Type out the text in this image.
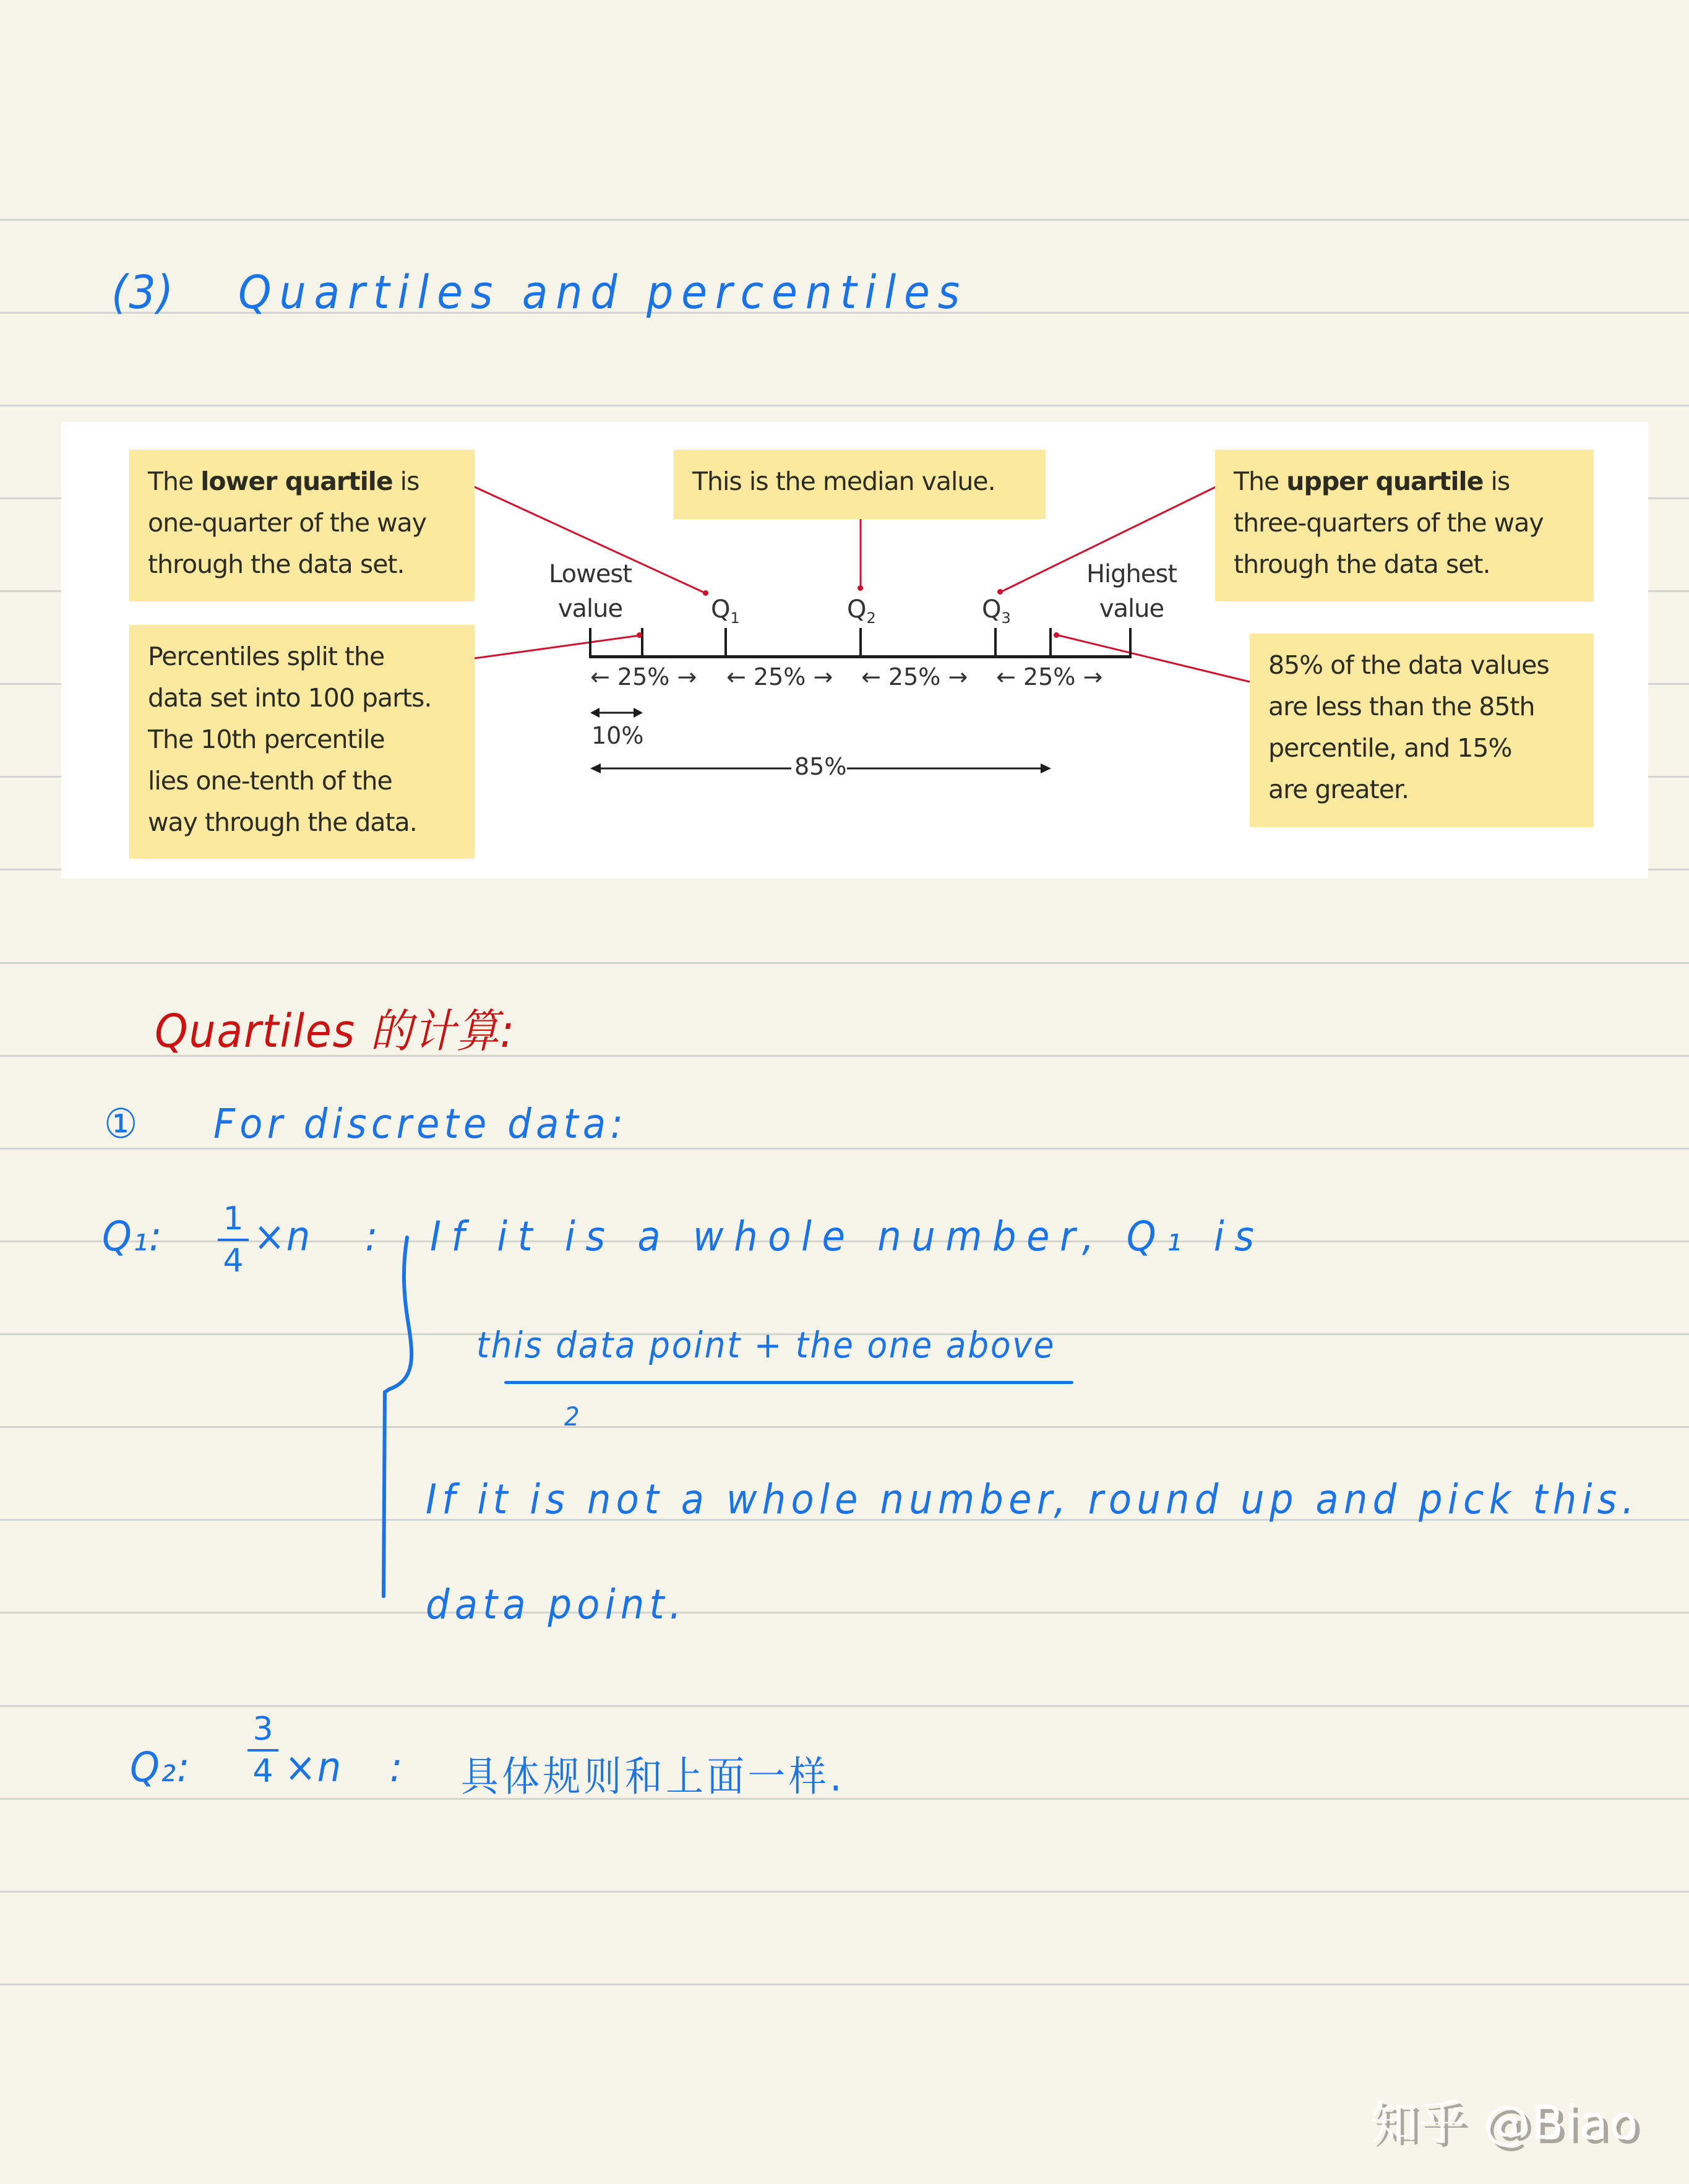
(3) Quartiles and percentiles
The lower quartile is
one-quarter of the way
through the data set.
Percentiles split the
data set into 100 parts.
The 10th percentile
lies one-tenth of the
way through the data.
This is the median value.	The upper quartile is
three-quarters of the way
through the data set.
85% of the data values
are less than the 85th
percentile, and 15%
are greater.
Lowest
value
Highest
value
$Q_1$	$Q_2$	$Q_3$
← 25% → ← 25% → ← 25% → ← 25% →
10%
85%
Quartiles 的计算:
① For discrete data:
Q₁: 1
4
×n : If it is a whole number, Q₁ is
this data point + the one above
2
If it is not a whole number, round up and pick this.
data point.
Q₂:
3
4 ×n : 具体规则和上面一样.
知乎 @Biao
